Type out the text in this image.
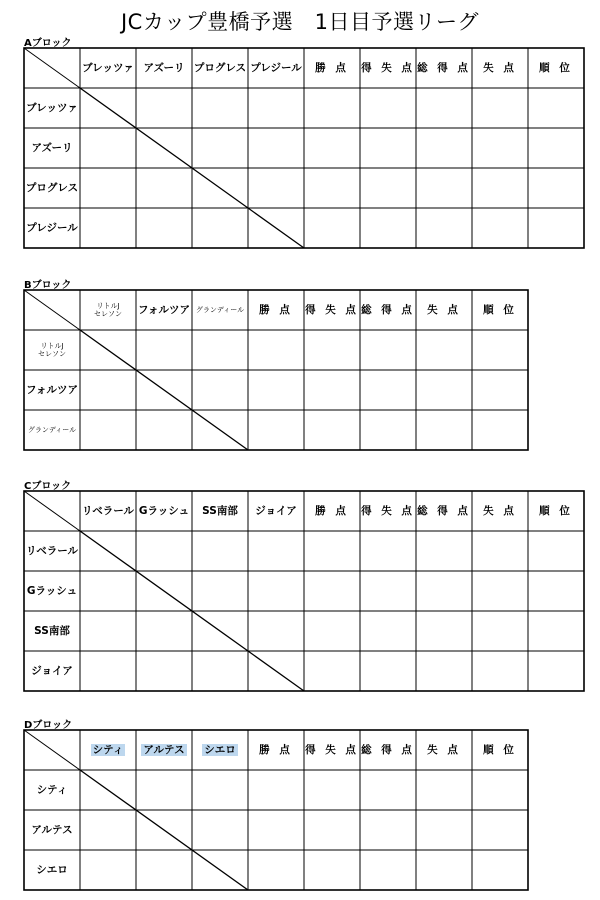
JCカップ豊橋予選　1日目予選リーグ
Aブロック
ブレッツァ アズーリ プログレス プレジール 勝 点 得 失 点 総 得 点 失 点 順 位
ブレッツァ
アズーリ
プログレス
プレジール
Bブロック
リトルJ
セレソン フォルツア グランディール 勝 点 得 失 点 総 得 点 失 点 順 位
リトルJ
セレソン
フォルツア
グランディール
Cブロック
リベラール Gラッシュ SS南部 ジョイア 勝 点 得 失 点 総 得 点 失 点 順 位
リベラール
Gラッシュ
SS南部
ジョイア
Dブロック
シティ アルテス シエロ 勝 点 得 失 点 総 得 点 失 点 順 位
シティ
アルテス
シエロ
